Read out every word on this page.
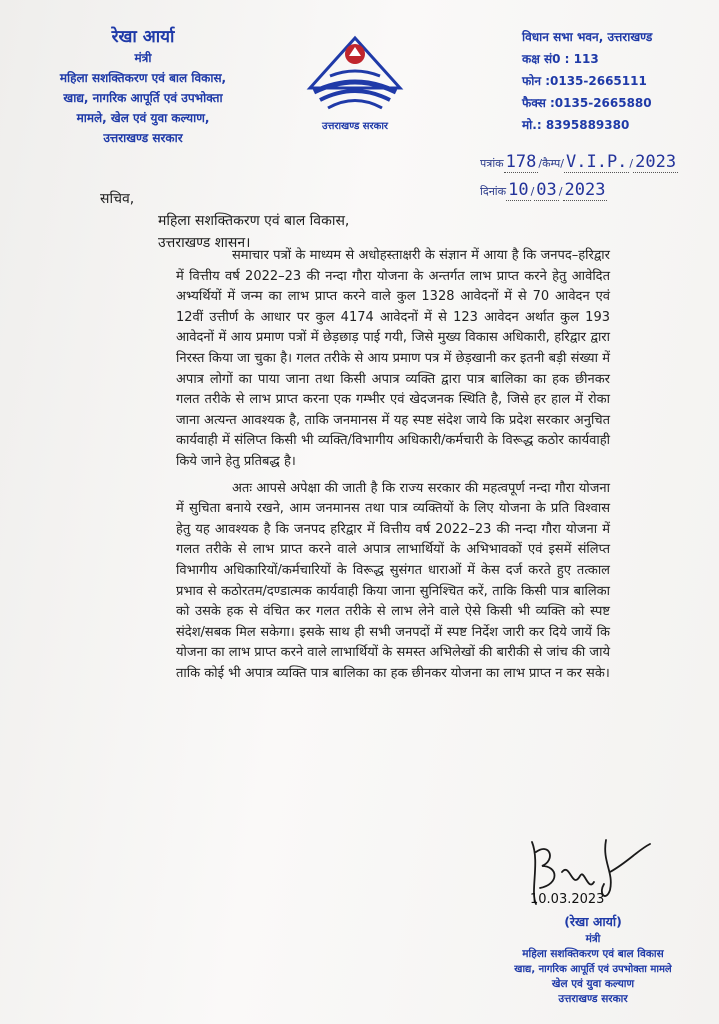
रेखा आर्या
मंत्री
महिला सशक्तिकरण एवं बाल विकास,
खाद्य, नागरिक आपूर्ति एवं उपभोक्ता
मामले, खेल एवं युवा कल्याण,
उत्तराखण्ड सरकार
उत्तराखण्ड सरकार
विधान सभा भवन, उत्तराखण्ड
कक्ष सं0 : 113
फोन :0135-2665111
फैक्स :0135-2665880
मो.: 8395889380
पत्रांक 178 /कैम्प/ V.I.P. / 2023
दिनांक 10 / 03 / 2023
सचिव,
महिला सशक्तिकरण एवं बाल विकास,
उत्तराखण्ड शासन।

समाचार पत्रों के माध्यम से अधोहस्ताक्षरी के संज्ञान में आया है कि जनपद–हरिद्वार में वित्तीय वर्ष 2022–23 की नन्दा गौरा योजना के अन्तर्गत लाभ प्राप्त करने हेतु आवेदित अभ्यर्थियों में जन्म का लाभ प्राप्त करने वाले कुल 1328 आवेदनों में से 70 आवेदन एवं 12वीं उत्तीर्ण के आधार पर कुल 4174 आवेदनों में से 123 आवेदन अर्थात कुल 193 आवेदनों में आय प्रमाण पत्रों में छेड़छाड़ पाई गयी, जिसे मुख्य विकास अधिकारी, हरिद्वार द्वारा निरस्त किया जा चुका है। गलत तरीके से आय प्रमाण पत्र में छेड़खानी कर इतनी बड़ी संख्या में अपात्र लोगों का पाया जाना तथा किसी अपात्र व्यक्ति द्वारा पात्र बालिका का हक छीनकर गलत तरीके से लाभ प्राप्त करना एक गम्भीर एवं खेदजनक स्थिति है, जिसे हर हाल में रोका जाना अत्यन्त आवश्यक है, ताकि जनमानस में यह स्पष्ट संदेश जाये कि प्रदेश सरकार अनुचित कार्यवाही में संलिप्त किसी भी व्यक्ति/विभागीय अधिकारी/कर्मचारी के विरूद्ध कठोर कार्यवाही किये जाने हेतु प्रतिबद्ध है।

अतः आपसे अपेक्षा की जाती है कि राज्य सरकार की महत्वपूर्ण नन्दा गौरा योजना में सुचिता बनाये रखने, आम जनमानस तथा पात्र व्यक्तियों के लिए योजना के प्रति विश्वास हेतु यह आवश्यक है कि जनपद हरिद्वार में वित्तीय वर्ष 2022–23 की नन्दा गौरा योजना में गलत तरीके से लाभ प्राप्त करने वाले अपात्र लाभार्थियों के अभिभावकों एवं इसमें संलिप्त विभागीय अधिकारियों/कर्मचारियों के विरूद्ध सुसंगत धाराओं में केस दर्ज करते हुए तत्काल प्रभाव से कठोरतम/दण्डात्मक कार्यवाही किया जाना सुनिश्चित करें, ताकि किसी पात्र बालिका को उसके हक से वंचित कर गलत तरीके से लाभ लेने वाले ऐसे किसी भी व्यक्ति को स्पष्ट संदेश/सबक मिल सकेगा। इसके साथ ही सभी जनपदों में स्पष्ट निर्देश जारी कर दिये जायें कि योजना का लाभ प्राप्त करने वाले लाभार्थियों के समस्त अभिलेखों की बारीकी से जांच की जाये ताकि कोई भी अपात्र व्यक्ति पात्र बालिका का हक छीनकर योजना का लाभ प्राप्त न कर सके।

10.03.2023
(रेखा आर्या)
मंत्री
महिला सशक्तिकरण एवं बाल विकास
खाद्य, नागरिक आपूर्ति एवं उपभोक्ता मामले
खेल एवं युवा कल्याण
उत्तराखण्ड सरकार
